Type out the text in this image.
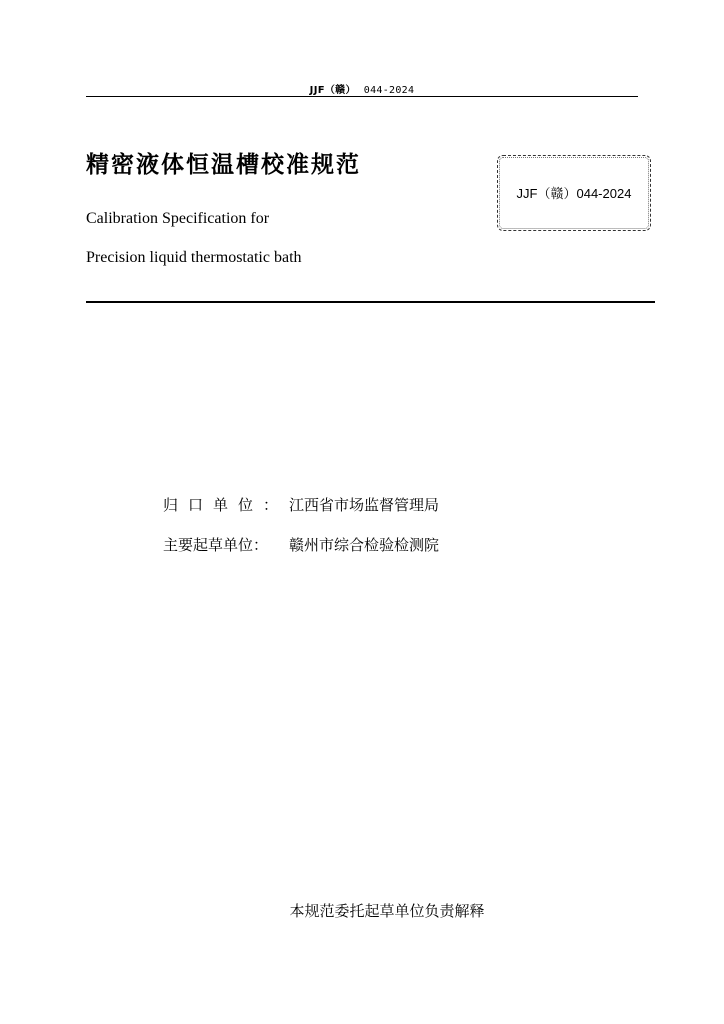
JJF（赣） 044-2024
精密液体恒温槽校准规范
JJF（赣）044-2024
Calibration Specification for
Precision liquid thermostatic bath
归口单位：江西省市场监督管理局
主要起草单位： 赣州市综合检验检测院
本规范委托起草单位负责解释
